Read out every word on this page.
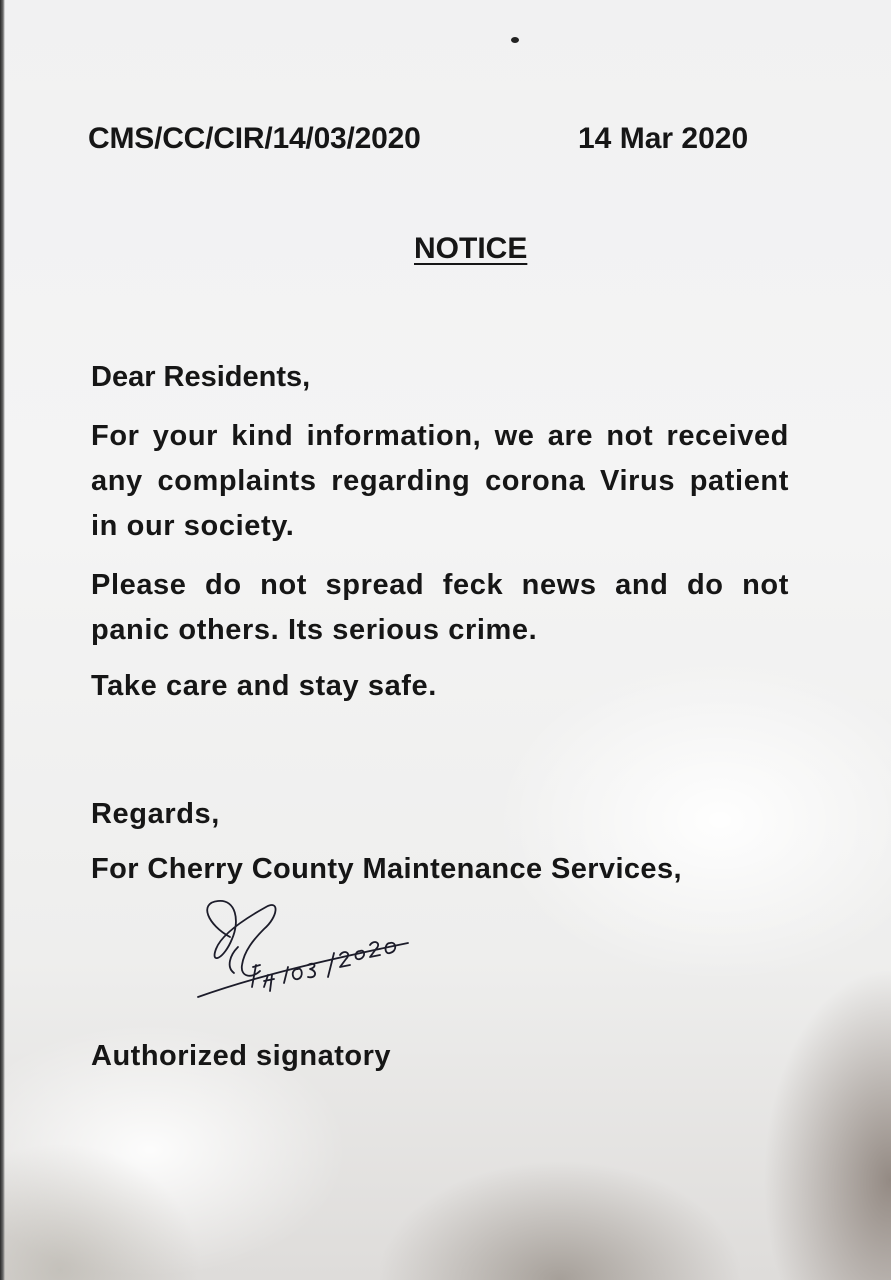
CMS/CC/CIR/14/03/2020	14 Mar 2020
NOTICE
Dear Residents,
For your kind information, we are not received any complaints regarding corona Virus patient in our society.
Please do not spread feck news and do not panic others. Its serious crime.
Take care and stay safe.
Regards,
For Cherry County Maintenance Services,
Authorized signatory
